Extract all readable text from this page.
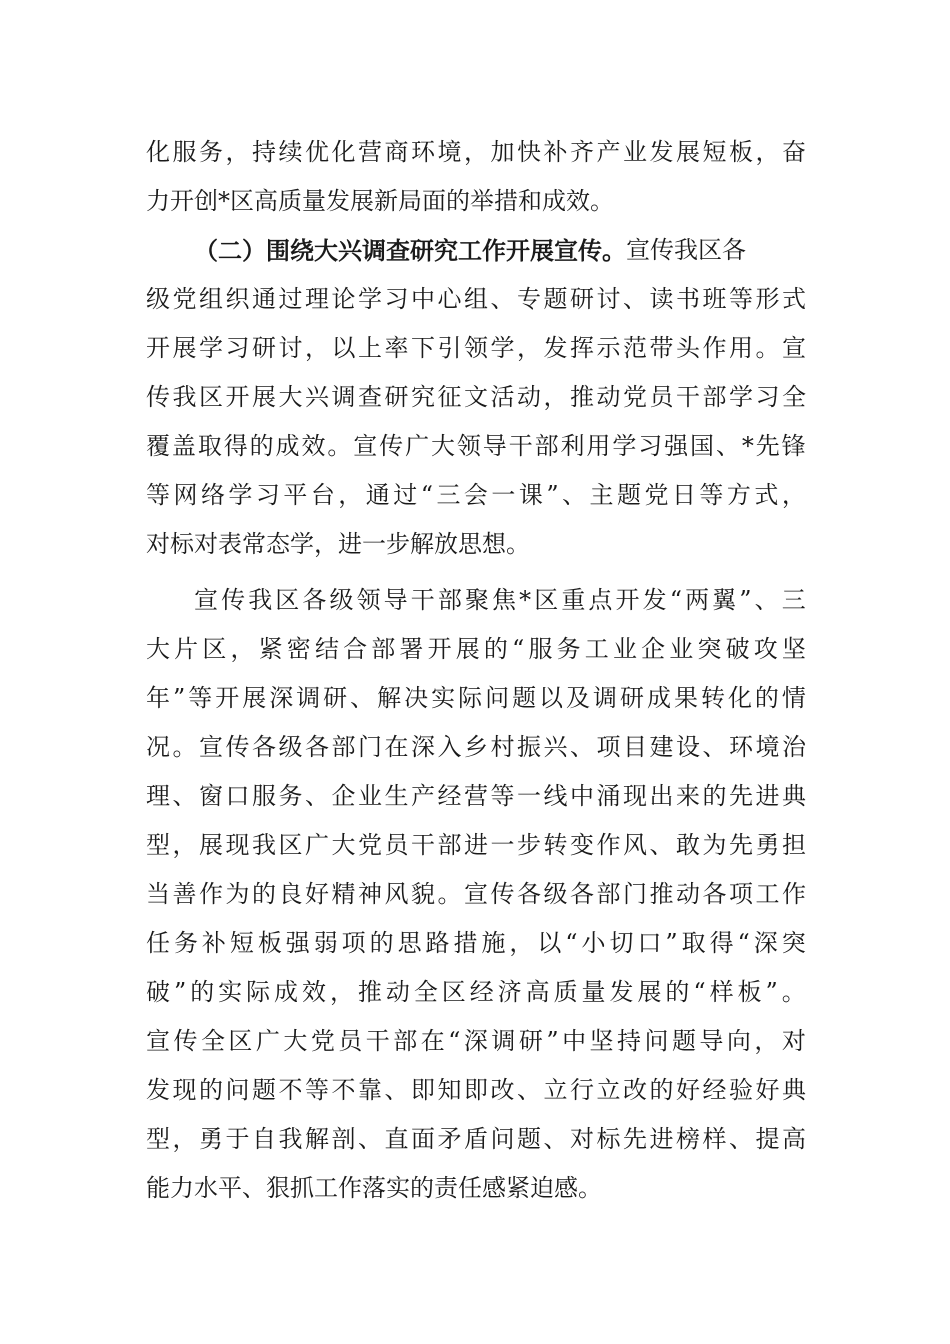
化 服 务 ， 持 续 优 化 营 商 环 境 ， 加 快 补 齐 产 业 发 展 短 板 ， 奋
力开创*区高质量发展新局面的举措和成效。
（二）围绕大兴调查研究工作开展宣传。 宣传我区各
级 党 组 织 通 过 理 论 学 习 中 心 组 、 专 题 研 讨 、 读 书 班 等 形 式
开 展 学 习 研 讨 ， 以 上 率 下 引 领 学 ， 发 挥 示 范 带 头 作 用 。 宣
传 我 区 开 展 大 兴 调 查 研 究 征 文 活 动 ， 推 动 党 员 干 部 学 习 全
覆 盖 取 得 的 成 效 。 宣 传 广 大 领 导 干 部 利 用 学 习 强 国 、 * 先 锋
等 网 络 学 习 平 台 ， 通 过 “ 三 会 一 课 ” 、 主 题 党 日 等 方 式 ，
对标对表常态学，进一步解放思想。
宣 传 我 区 各 级 领 导 干 部 聚 焦 * 区 重 点 开 发 “ 两 翼 ” 、 三
大 片 区 ， 紧 密 结 合 部 署 开 展 的 “ 服 务 工 业 企 业 突 破 攻 坚
年 ” 等 开 展 深 调 研 、 解 决 实 际 问 题 以 及 调 研 成 果 转 化 的 情
况 。 宣 传 各 级 各 部 门 在 深 入 乡 村 振 兴 、 项 目 建 设 、 环 境 治
理 、 窗 口 服 务 、 企 业 生 产 经 营 等 一 线 中 涌 现 出 来 的 先 进 典
型 ， 展 现 我 区 广 大 党 员 干 部 进 一 步 转 变 作 风 、 敢 为 先 勇 担
当 善 作 为 的 良 好 精 神 风 貌 。 宣 传 各 级 各 部 门 推 动 各 项 工 作
任 务 补 短 板 强 弱 项 的 思 路 措 施 ， 以 “ 小 切 口 ” 取 得 “ 深 突
破 ” 的 实 际 成 效 ， 推 动 全 区 经 济 高 质 量 发 展 的 “ 样 板 ” 。
宣 传 全 区 广 大 党 员 干 部 在 “ 深 调 研 ” 中 坚 持 问 题 导 向 ， 对
发 现 的 问 题 不 等 不 靠 、 即 知 即 改 、 立 行 立 改 的 好 经 验 好 典
型 ， 勇 于 自 我 解 剖 、 直 面 矛 盾 问 题 、 对 标 先 进 榜 样 、 提 高
能力水平、狠抓工作落实的责任感紧迫感。
